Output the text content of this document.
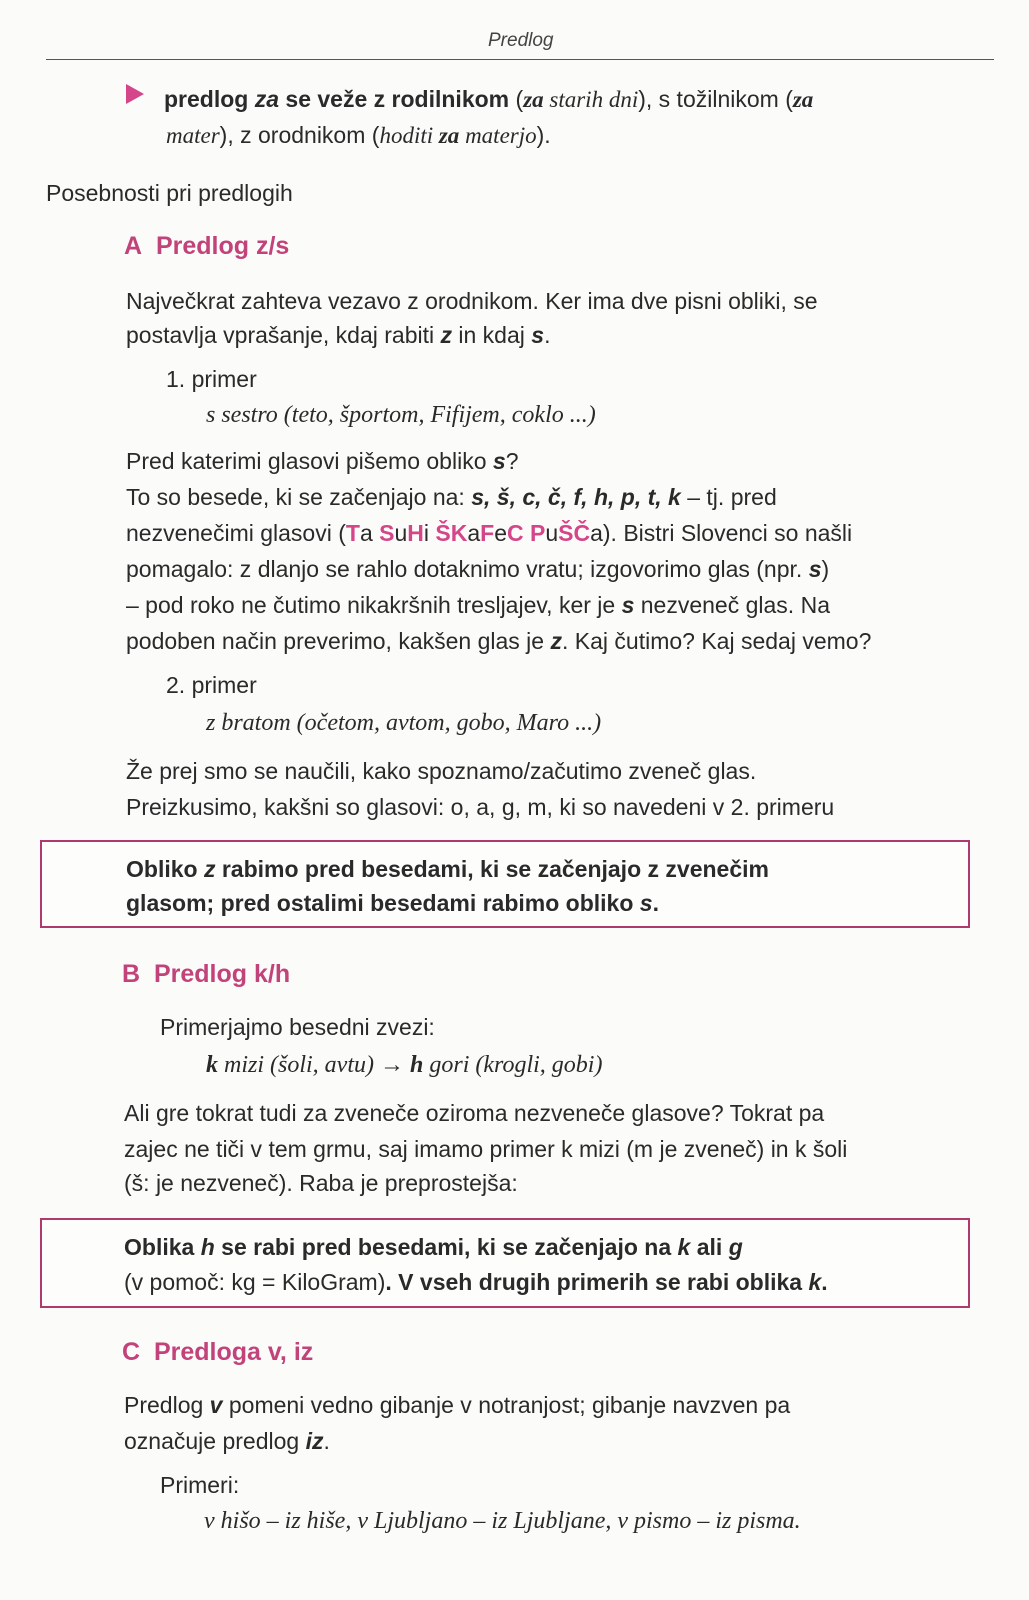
Predlog
predlog za se veže z rodilnikom (za starih dni), s tožilnikom (za
mater), z orodnikom (hoditi za materjo).
Posebnosti pri predlogih
A Predlog z/s
Največkrat zahteva vezavo z orodnikom. Ker ima dve pisni obliki, se
postavlja vprašanje, kdaj rabiti z in kdaj s.
1. primer
s sestro (teto, športom, Fifijem, coklo ...)
Pred katerimi glasovi pišemo obliko s?
To so besede, ki se začenjajo na: s, š, c, č, f, h, p, t, k – tj. pred
nezvenečimi glasovi (Ta SuHi ŠKaFeC PuŠČa). Bistri Slovenci so našli
pomagalo: z dlanjo se rahlo dotaknimo vratu; izgovorimo glas (npr. s)
– pod roko ne čutimo nikakršnih tresljajev, ker je s nezveneč glas. Na
podoben način preverimo, kakšen glas je z. Kaj čutimo? Kaj sedaj vemo?
2. primer
z bratom (očetom, avtom, gobo, Maro ...)
Že prej smo se naučili, kako spoznamo/začutimo zveneč glas.
Preizkusimo, kakšni so glasovi: o, a, g, m, ki so navedeni v 2. primeru
Obliko z rabimo pred besedami, ki se začenjajo z zvenečim
glasom; pred ostalimi besedami rabimo obliko s.
B Predlog k/h
Primerjajmo besedni zvezi:
k mizi (šoli, avtu) → h gori (krogli, gobi)
Ali gre tokrat tudi za zveneče oziroma nezveneče glasove? Tokrat pa
zajec ne tiči v tem grmu, saj imamo primer k mizi (m je zveneč) in k šoli
(š: je nezveneč). Raba je preprostejša:
Oblika h se rabi pred besedami, ki se začenjajo na k ali g
(v pomoč: kg = KiloGram). V vseh drugih primerih se rabi oblika k.
C Predloga v, iz
Predlog v pomeni vedno gibanje v notranjost; gibanje navzven pa
označuje predlog iz.
Primeri:
v hišo – iz hiše, v Ljubljano – iz Ljubljane, v pismo – iz pisma.
